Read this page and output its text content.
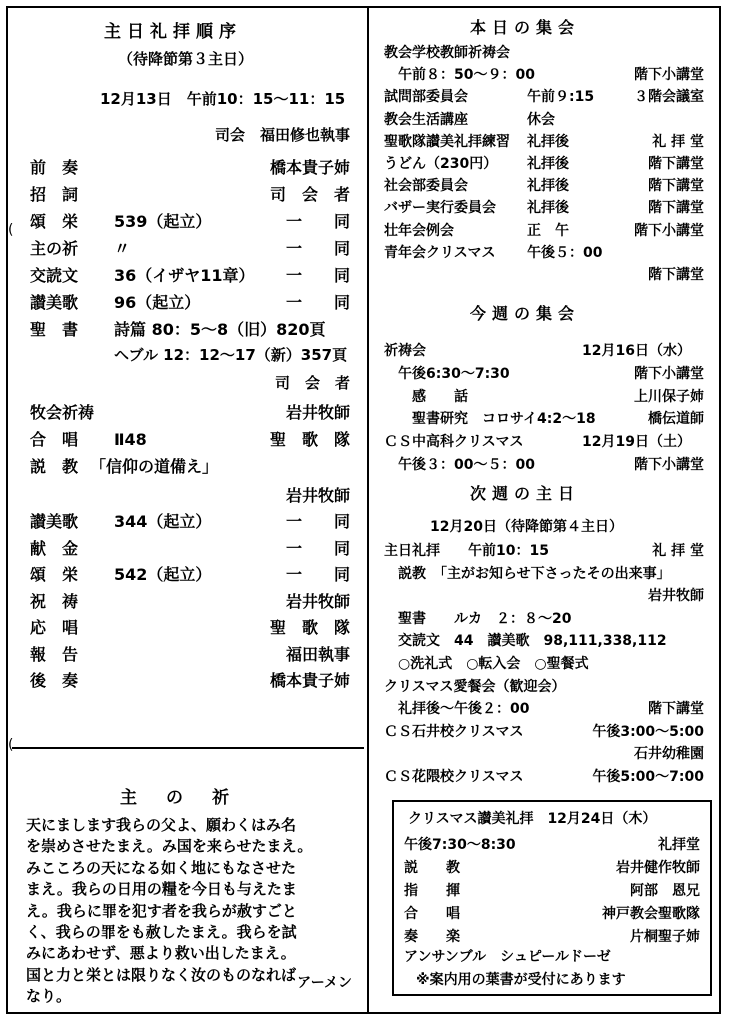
(
(
主日礼拝順序
（待降節第３主日）
12月13日　午前10：15～11：15
司会　福田修也執事
前　奏	橋本貴子姉
招　詞	司　会　者
頌　栄 539（起立）	一　　同
主の祈 〃	一　　同
交読文 36（イザヤ11章） 一　　同
讃美歌 96（起立）	一　　同
聖　書 詩篇 80：5～8（旧）820頁
ヘブル 12：12～17（新）357頁
司　会　者
牧会祈祷	岩井牧師
合　唱 Ⅱ48	聖　歌　隊
説　教 「信仰の道備え」
岩井牧師
讃美歌 344（起立）	一　　同
献　金	一　　同
頌　栄 542（起立）	一　　同
祝　祷	岩井牧師
応　唱	聖　歌　隊
報　告	福田執事
後　奏	橋本貴子姉
主　の　祈
天にまします我らの父よ、願わくはみ名
を崇めさせたまえ。み国を来らせたまえ。
みこころの天になる如く地にもなさせた
まえ。我らの日用の糧を今日も与えたま
え。我らに罪を犯す者を我らが赦すごと
く、我らの罪をも赦したまえ。我らを試
みにあわせず、悪より救い出したまえ。
国と力と栄とは限りなく汝のものなれば
なり。
アーメン
本日の集会
教会学校教師祈祷会
　午前８：50～９：00	階下小講堂
試問部委員会	午前９:15	３階会議室
教会生活講座	休会
聖歌隊讃美礼拝練習 礼拝後	礼 拝 堂
うどん（230円） 礼拝後	階下講堂
社会部委員会	礼拝後	階下講堂
バザー実行委員会 礼拝後	階下講堂
壮年会例会	正　午	階下小講堂
青年会クリスマス 午後５：00
階下講堂
今週の集会
祈祷会	12月16日（水）
　午後6:30～7:30	階下小講堂
　　感　　話	上川保子姉
　　聖書研究　コロサイ4:2～18	橋伝道師
ＣＳ中高科クリスマス	12月19日（土）
　午後３：00～５：00	階下小講堂
次週の主日
12月20日（待降節第４主日）
主日礼拝　　午前10：15	礼 拝 堂
　説教　「主がお知らせ下さったその出来事」
岩井牧師
　聖書　　ルカ　２：８～20
　交読文　44　讃美歌　98,111,338,112
　○洗礼式　○転入会　○聖餐式
クリスマス愛餐会（歓迎会）
　礼拝後～午後２：00	階下講堂
ＣＳ石井校クリスマス	午後3:00～5:00
石井幼稚園
ＣＳ花隈校クリスマス	午後5:00～7:00
クリスマス讃美礼拝　12月24日（木）
午後7:30～8:30	礼拝堂
説　　教	岩井健作牧師
指　　揮	阿部　恩兄
合　　唱	神戸教会聖歌隊
奏　　楽	片桐聖子姉
アンサンブル　シュピールドーゼ
※案内用の葉書が受付にあります
